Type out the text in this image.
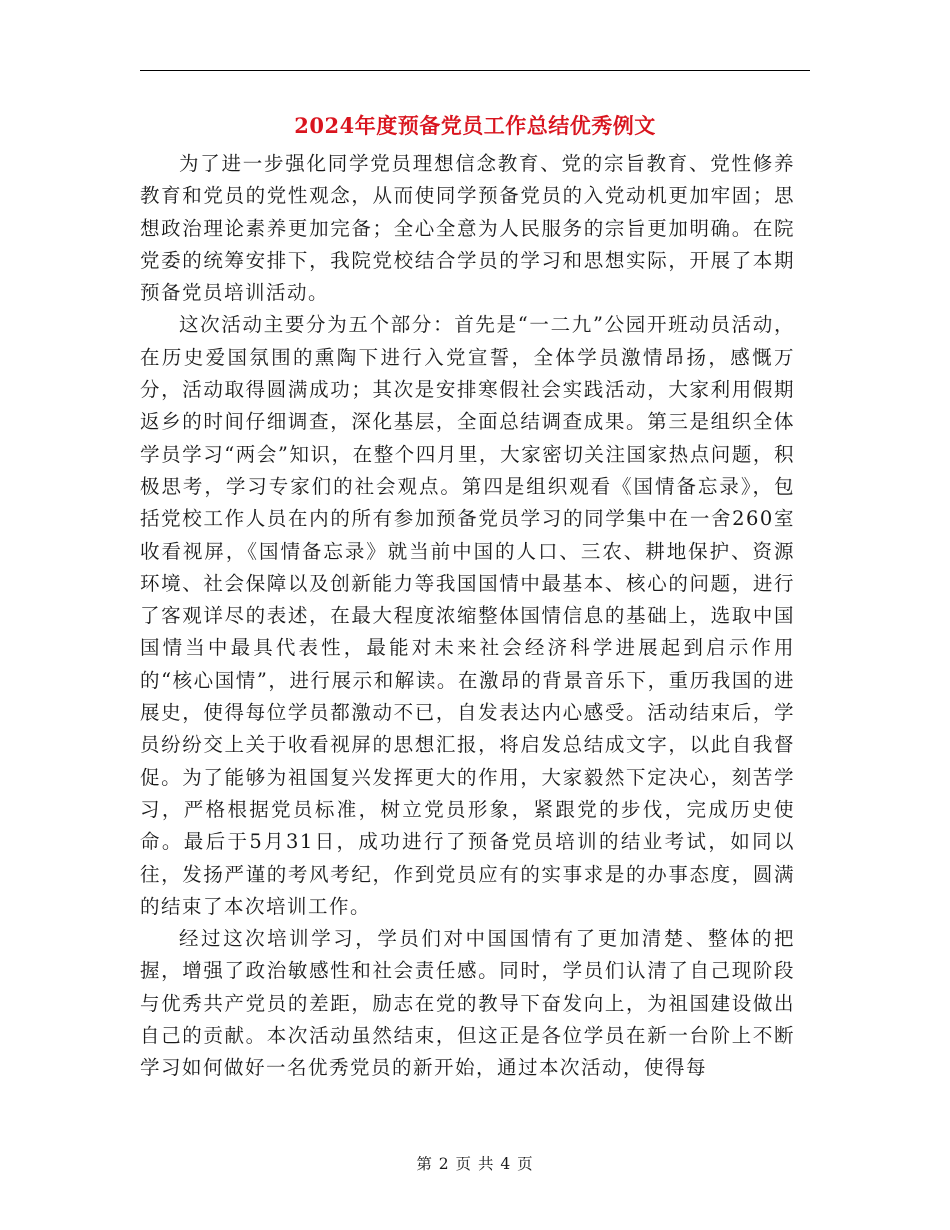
2024年度预备党员工作总结优秀例文

为了进一步强化同学党员理想信念教育、党的宗旨教育、党性修养教育和党员的党性观念，从而使同学预备党员的入党动机更加牢固；思想政治理论素养更加完备；全心全意为人民服务的宗旨更加明确。在院党委的统筹安排下，我院党校结合学员的学习和思想实际，开展了本期预备党员培训活动。

这次活动主要分为五个部分：首先是“一二九”公园开班动员活动，在历史爱国氛围的熏陶下进行入党宣誓，全体学员激情昂扬，感慨万分，活动取得圆满成功；其次是安排寒假社会实践活动，大家利用假期返乡的时间仔细调查，深化基层，全面总结调查成果。第三是组织全体学员学习“两会”知识，在整个四月里，大家密切关注国家热点问题，积极思考，学习专家们的社会观点。第四是组织观看《国情备忘录》，包括党校工作人员在内的所有参加预备党员学习的同学集中在一舍260室收看视屏，《国情备忘录》就当前中国的人口、三农、耕地保护、资源环境、社会保障以及创新能力等我国国情中最基本、核心的问题，进行了客观详尽的表述，在最大程度浓缩整体国情信息的基础上，选取中国国情当中最具代表性，最能对未来社会经济科学进展起到启示作用的“核心国情”，进行展示和解读。在激昂的背景音乐下，重历我国的进展史，使得每位学员都激动不已，自发表达内心感受。活动结束后，学员纷纷交上关于收看视屏的思想汇报，将启发总结成文字，以此自我督促。为了能够为祖国复兴发挥更大的作用，大家毅然下定决心，刻苦学习，严格根据党员标准，树立党员形象，紧跟党的步伐，完成历史使命。最后于5月31日，成功进行了预备党员培训的结业考试，如同以往，发扬严谨的考风考纪，作到党员应有的实事求是的办事态度，圆满的结束了本次培训工作。

经过这次培训学习，学员们对中国国情有了更加清楚、整体的把握，增强了政治敏感性和社会责任感。同时，学员们认清了自己现阶段与优秀共产党员的差距，励志在党的教导下奋发向上，为祖国建设做出自己的贡献。本次活动虽然结束，但这正是各位学员在新一台阶上不断学习如何做好一名优秀党员的新开始，通过本次活动，使得每

第 2 页 共 4 页
